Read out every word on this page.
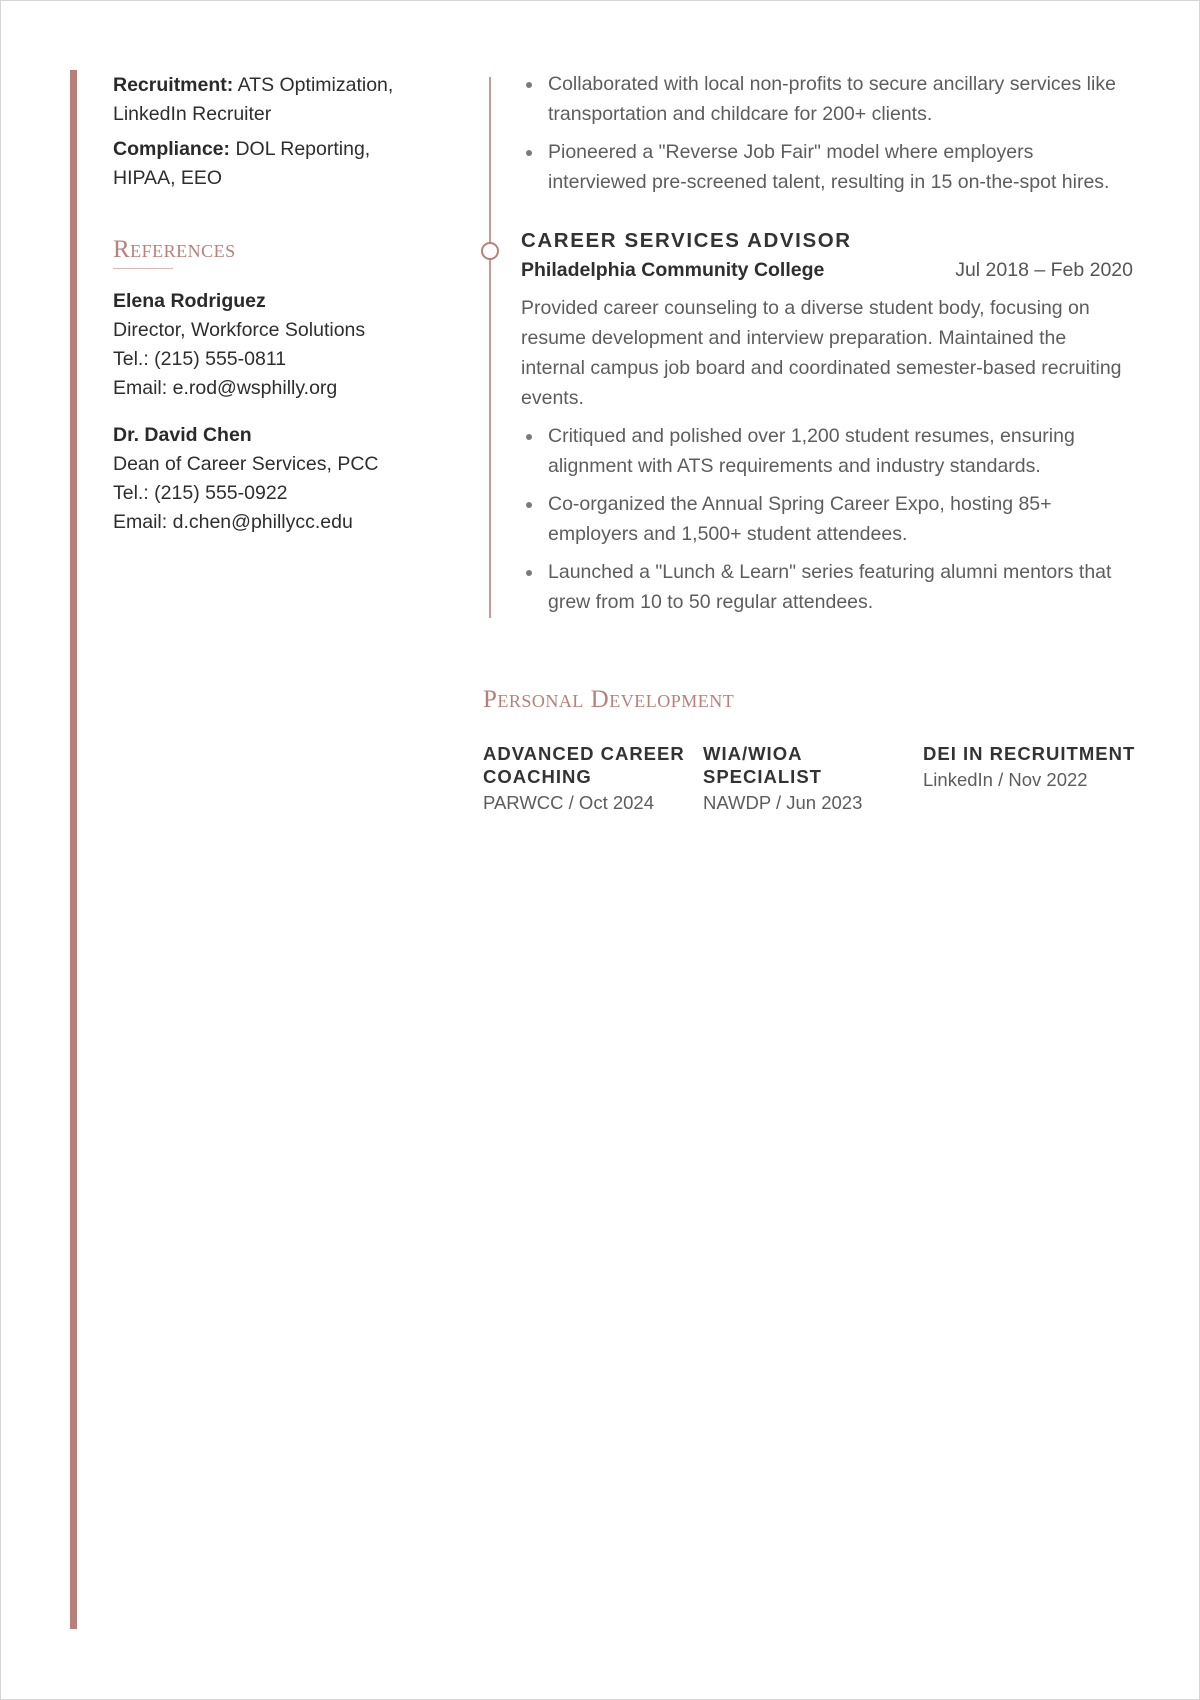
Recruitment: ATS Optimization, LinkedIn Recruiter
Compliance: DOL Reporting, HIPAA, EEO
References
Elena Rodriguez
Director, Workforce Solutions
Tel.: (215) 555-0811
Email: e.rod@wsphilly.org
Dr. David Chen
Dean of Career Services, PCC
Tel.: (215) 555-0922
Email: d.chen@phillycc.edu
Collaborated with local non-profits to secure ancillary services like transportation and childcare for 200+ clients.
Pioneered a "Reverse Job Fair" model where employers interviewed pre-screened talent, resulting in 15 on-the-spot hires.
CAREER SERVICES ADVISOR
Philadelphia Community College	Jul 2018 – Feb 2020
Provided career counseling to a diverse student body, focusing on resume development and interview preparation. Maintained the internal campus job board and coordinated semester-based recruiting events.
Critiqued and polished over 1,200 student resumes, ensuring alignment with ATS requirements and industry standards.
Co-organized the Annual Spring Career Expo, hosting 85+ employers and 1,500+ student attendees.
Launched a "Lunch & Learn" series featuring alumni mentors that grew from 10 to 50 regular attendees.
Personal Development
ADVANCED CAREER COACHING
PARWCC / Oct 2024
WIA/WIOA SPECIALIST
NAWDP / Jun 2023
DEI IN RECRUITMENT
LinkedIn / Nov 2022
